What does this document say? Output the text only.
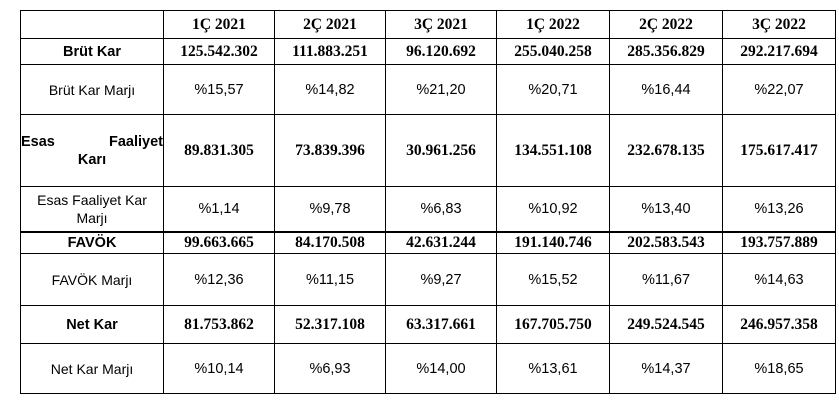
	1Ç 2021	2Ç 2021	3Ç 2021	1Ç 2022	2Ç 2022	3Ç 2022
Brüt Kar	125.542.302	111.883.251	96.120.692	255.040.258	285.356.829	292.217.694
Brüt Kar Marjı	%15,57	%14,82	%21,20	%20,71	%16,44	%22,07

Esas Faaliyet
Karı	89.831.305	73.839.396	30.961.256	134.551.108	232.678.135	175.617.417

Esas Faaliyet Kar
Marjı	%1,14	%9,78	%6,83	%10,92	%13,40	%13,26
FAVÖK	99.663.665	84.170.508	42.631.244	191.140.746	202.583.543	193.757.889
FAVÖK Marjı	%12,36	%11,15	%9,27	%15,52	%11,67	%14,63
Net Kar	81.753.862	52.317.108	63.317.661	167.705.750	249.524.545	246.957.358
Net Kar Marjı	%10,14	%6,93	%14,00	%13,61	%14,37	%18,65
